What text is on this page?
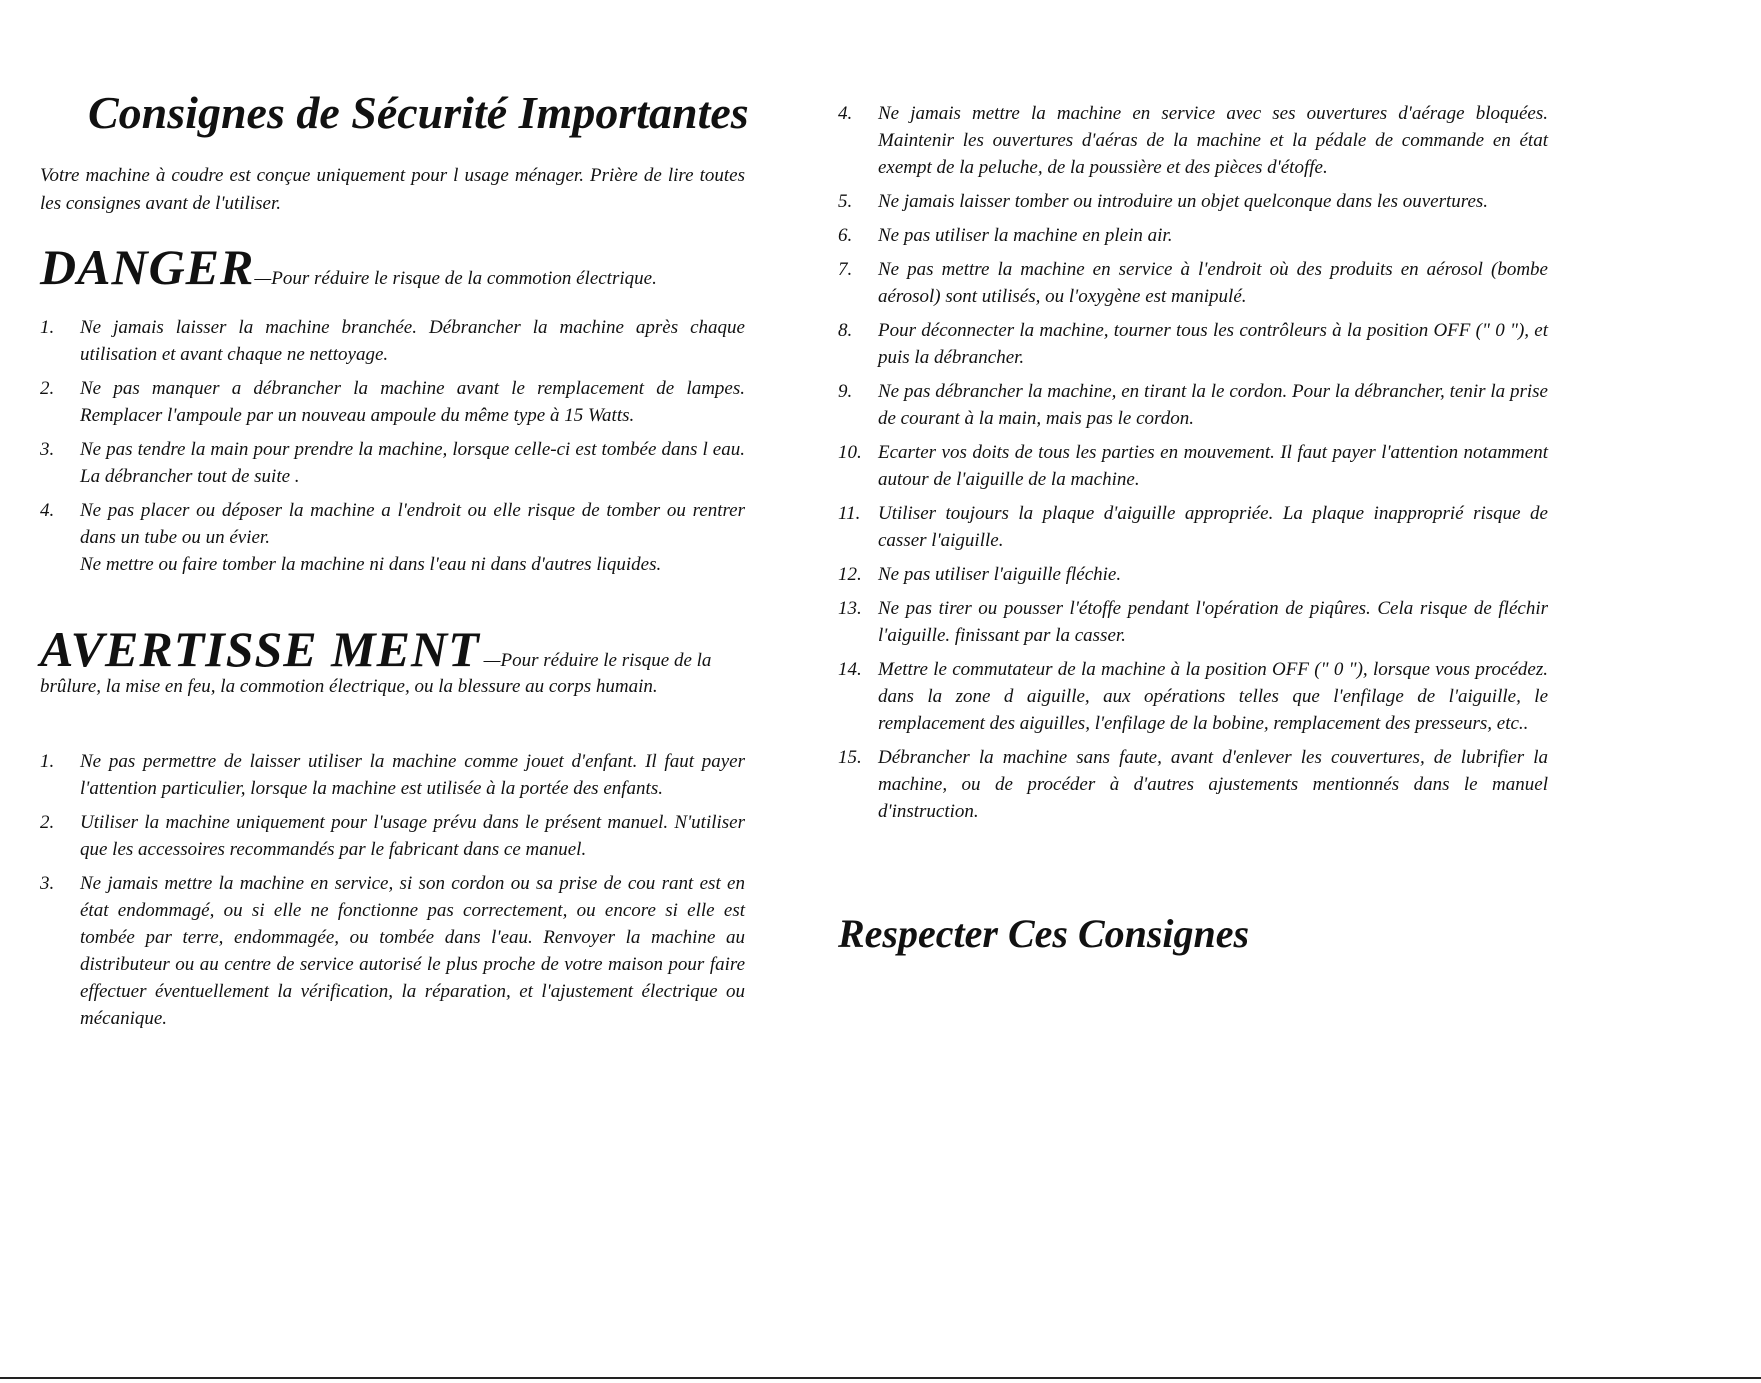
Consignes de Sécurité Importantes

Votre machine à coudre est conçue uniquement pour l usage ménager. Prière de lire toutes les consignes avant de l'utiliser.

DANGER—Pour réduire le risque de la commotion électrique.
1.	Ne jamais laisser la machine branchée. Débrancher la machine après chaque utilisation et avant chaque ne nettoyage.
2.	Ne pas manquer a débrancher la machine avant le remplacement de lampes. Remplacer l'ampoule par un nouveau ampoule du même type à 15 Watts.
3.	Ne pas tendre la main pour prendre la machine, lorsque celle-ci est tombée dans l eau. La débrancher tout de suite .
4.	Ne pas placer ou déposer la machine a l'endroit ou elle risque de tomber ou rentrer dans un tube ou un évier.
Ne mettre ou faire tomber la machine ni dans l'eau ni dans d'autres liquides.
AVERTISSE MENT —Pour réduire le risque de la

brûlure, la mise en feu, la commotion électrique, ou la blessure au corps humain.

1.	Ne pas permettre de laisser utiliser la machine comme jouet d'enfant. Il faut payer l'attention particulier, lorsque la machine est utilisée à la portée des enfants.
2.	Utiliser la machine uniquement pour l'usage prévu dans le présent manuel. N'utiliser que les accessoires recommandés par le fabricant dans ce manuel.
3.	Ne jamais mettre la machine en service, si son cordon ou sa prise de cou rant est en état endommagé, ou si elle ne fonctionne pas correctement, ou encore si elle est tombée par terre, endommagée, ou tombée dans l'eau. Renvoyer la machine au distributeur ou au centre de service autorisé le plus proche de votre maison pour faire effectuer éventuellement la vérification, la réparation, et l'ajustement électrique ou mécanique.
4.	Ne jamais mettre la machine en service avec ses ouvertures d'aérage bloquées. Maintenir les ouvertures d'aéras de la machine et la pédale de commande en état exempt de la peluche, de la poussière et des pièces d'étoffe.
5.	Ne jamais laisser tomber ou introduire un objet quelconque dans les ouvertures.
6.	Ne pas utiliser la machine en plein air.
7.	Ne pas mettre la machine en service à l'endroit où des produits en aérosol (bombe aérosol) sont utilisés, ou l'oxygène est manipulé.
8.	Pour déconnecter la machine, tourner tous les contrôleurs à la position OFF (" 0 "), et puis la débrancher.
9.	Ne pas débrancher la machine, en tirant la le cordon. Pour la débrancher, tenir la prise de courant à la main, mais pas le cordon.
10. Ecarter vos doits de tous les parties en mouvement. Il faut payer l'attention notamment autour de l'aiguille de la machine.
11. Utiliser toujours la plaque d'aiguille appropriée. La plaque inapproprié risque de casser l'aiguille.
12. Ne pas utiliser l'aiguille fléchie.
13. Ne pas tirer ou pousser l'étoffe pendant l'opération de piqûres. Cela risque de fléchir l'aiguille. finissant par la casser.
14. Mettre le commutateur de la machine à la position OFF (" 0 "), lorsque vous procédez. dans la zone d aiguille, aux opérations telles que l'enfilage de l'aiguille, le remplacement des aiguilles, l'enfilage de la bobine, remplacement des presseurs, etc..
15. Débrancher la machine sans faute, avant d'enlever les couvertures, de lubrifier la machine, ou de procéder à d'autres ajustements mentionnés dans le manuel d'instruction.
Respecter Ces Consignes
